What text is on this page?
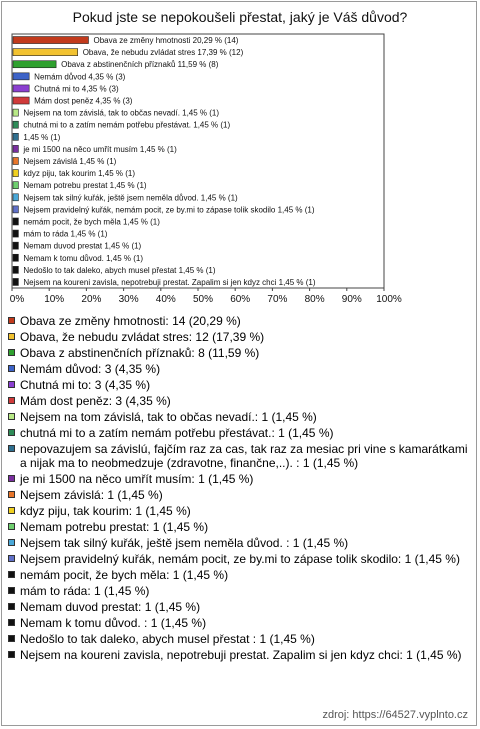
Pokud jste se nepokoušeli přestat, jaký je Váš důvod?
Obava ze změny hmotnosti 20,29 % (14)
Obava, že nebudu zvládat stres 17,39 % (12)
Obava z abstinenčních příznaků 11,59 % (8)
Nemám důvod 4,35 % (3)
Chutná mi to 4,35 % (3)
Mám dost peněz 4,35 % (3)
Nejsem na tom závislá, tak to občas nevadí. 1,45 % (1)
chutná mi to a zatím nemám potřebu přestávat. 1,45 % (1)
1,45 % (1)
je mi 1500 na něco umřít musím 1,45 % (1)
Nejsem závislá 1,45 % (1)
kdyz piju, tak kourim 1,45 % (1)
Nemam potrebu prestat 1,45 % (1)
Nejsem tak silný kuřák, ještě jsem neměla důvod. 1,45 % (1)
Nejsem pravidelný kuřák, nemám pocit, ze by.mi to zápase tolik skodilo 1,45 % (1)
nemám pocit, že bych měla 1,45 % (1)
mám to ráda 1,45 % (1)
Nemam duvod prestat 1,45 % (1)
Nemam k tomu důvod. 1,45 % (1)
Nedošlo to tak daleko, abych musel přestat 1,45 % (1)
Nejsem na koureni zavisla, nepotrebuji prestat. Zapalim si jen kdyz chci 1,45 % (1)
0% 10% 20% 30% 40% 50% 60% 70% 80% 90% 100%
Obava ze změny hmotnosti: 14 (20,29 %)
Obava, že nebudu zvládat stres: 12 (17,39 %)
Obava z abstinenčních příznaků: 8 (11,59 %)
Nemám důvod: 3 (4,35 %)
Chutná mi to: 3 (4,35 %)
Mám dost peněz: 3 (4,35 %)
Nejsem na tom závislá, tak to občas nevadí.: 1 (1,45 %)
chutná mi to a zatím nemám potřebu přestávat.: 1 (1,45 %)
nepovazujem sa závislú, fajčím raz za cas, tak raz za mesiac pri vine s kamarátkami a nijak ma to neobmedzuje (zdravotne, finančne,..). : 1 (1,45 %)
je mi 1500 na něco umřít musím: 1 (1,45 %)
Nejsem závislá: 1 (1,45 %)
kdyz piju, tak kourim: 1 (1,45 %)
Nemam potrebu prestat: 1 (1,45 %)
Nejsem tak silný kuřák, ještě jsem neměla důvod. : 1 (1,45 %)
Nejsem pravidelný kuřák, nemám pocit, ze by.mi to zápase tolik skodilo: 1 (1,45 %)
nemám pocit, že bych měla: 1 (1,45 %)
mám to ráda: 1 (1,45 %)
Nemam duvod prestat: 1 (1,45 %)
Nemam k tomu důvod. : 1 (1,45 %)
Nedošlo to tak daleko, abych musel přestat : 1 (1,45 %)
Nejsem na koureni zavisla, nepotrebuji prestat. Zapalim si jen kdyz chci: 1 (1,45 %)
zdroj: https://64527.vyplnto.cz
